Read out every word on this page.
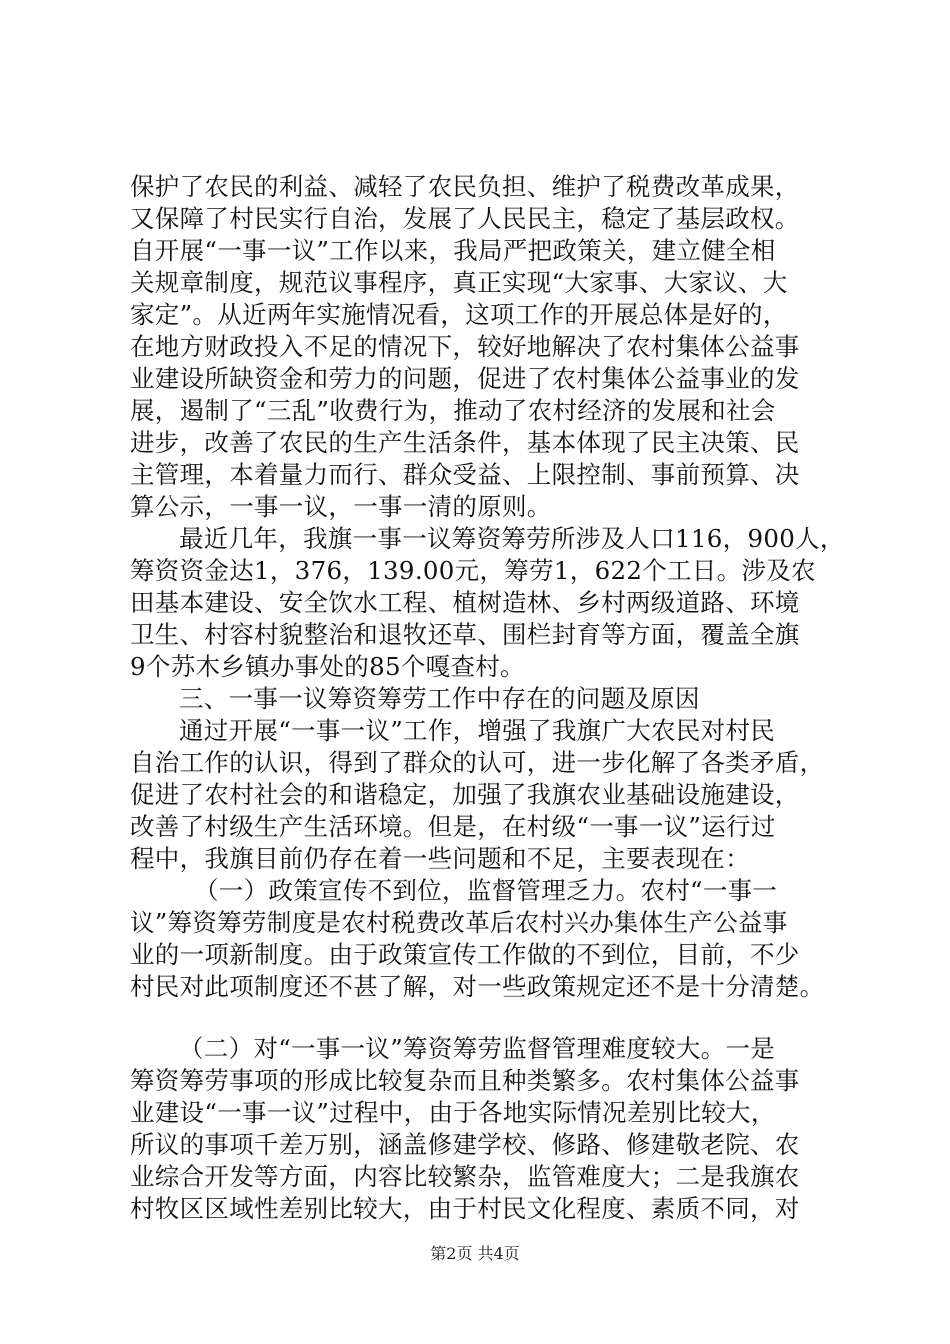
保护了农民的利益、减轻了农民负担、维护了税费改革成果，
又保障了村民实行自治，发展了人民民主，稳定了基层政权。
自开展“一事一议”工作以来，我局严把政策关，建立健全相
关规章制度，规范议事程序，真正实现“大家事、大家议、大
家定”。从近两年实施情况看，这项工作的开展总体是好的，
在地方财政投入不足的情况下，较好地解决了农村集体公益事
业建设所缺资金和劳力的问题，促进了农村集体公益事业的发
展，遏制了“三乱”收费行为，推动了农村经济的发展和社会
进步，改善了农民的生产生活条件，基本体现了民主决策、民
主管理，本着量力而行、群众受益、上限控制、事前预算、决
算公示，一事一议，一事一清的原则。
最近几年，我旗一事一议筹资筹劳所涉及人口116，900人，
筹资资金达1，376，139.00元，筹劳1，622个工日。涉及农
田基本建设、安全饮水工程、植树造林、乡村两级道路、环境
卫生、村容村貌整治和退牧还草、围栏封育等方面，覆盖全旗
9个苏木乡镇办事处的85个嘎查村。
三、一事一议筹资筹劳工作中存在的问题及原因
通过开展“一事一议”工作，增强了我旗广大农民对村民
自治工作的认识，得到了群众的认可，进一步化解了各类矛盾，
促进了农村社会的和谐稳定，加强了我旗农业基础设施建设，
改善了村级生产生活环境。但是，在村级“一事一议”运行过
程中，我旗目前仍存在着一些问题和不足，主要表现在：
（一）政策宣传不到位，监督管理乏力。农村“一事一
议”筹资筹劳制度是农村税费改革后农村兴办集体生产公益事
业的一项新制度。由于政策宣传工作做的不到位，目前，不少
村民对此项制度还不甚了解，对一些政策规定还不是十分清楚。
（二）对“一事一议”筹资筹劳监督管理难度较大。一是
筹资筹劳事项的形成比较复杂而且种类繁多。农村集体公益事
业建设“一事一议”过程中，由于各地实际情况差别比较大，
所议的事项千差万别，涵盖修建学校、修路、修建敬老院、农
业综合开发等方面，内容比较繁杂，监管难度大；二是我旗农
村牧区区域性差别比较大，由于村民文化程度、素质不同，对
第2页 共4页
